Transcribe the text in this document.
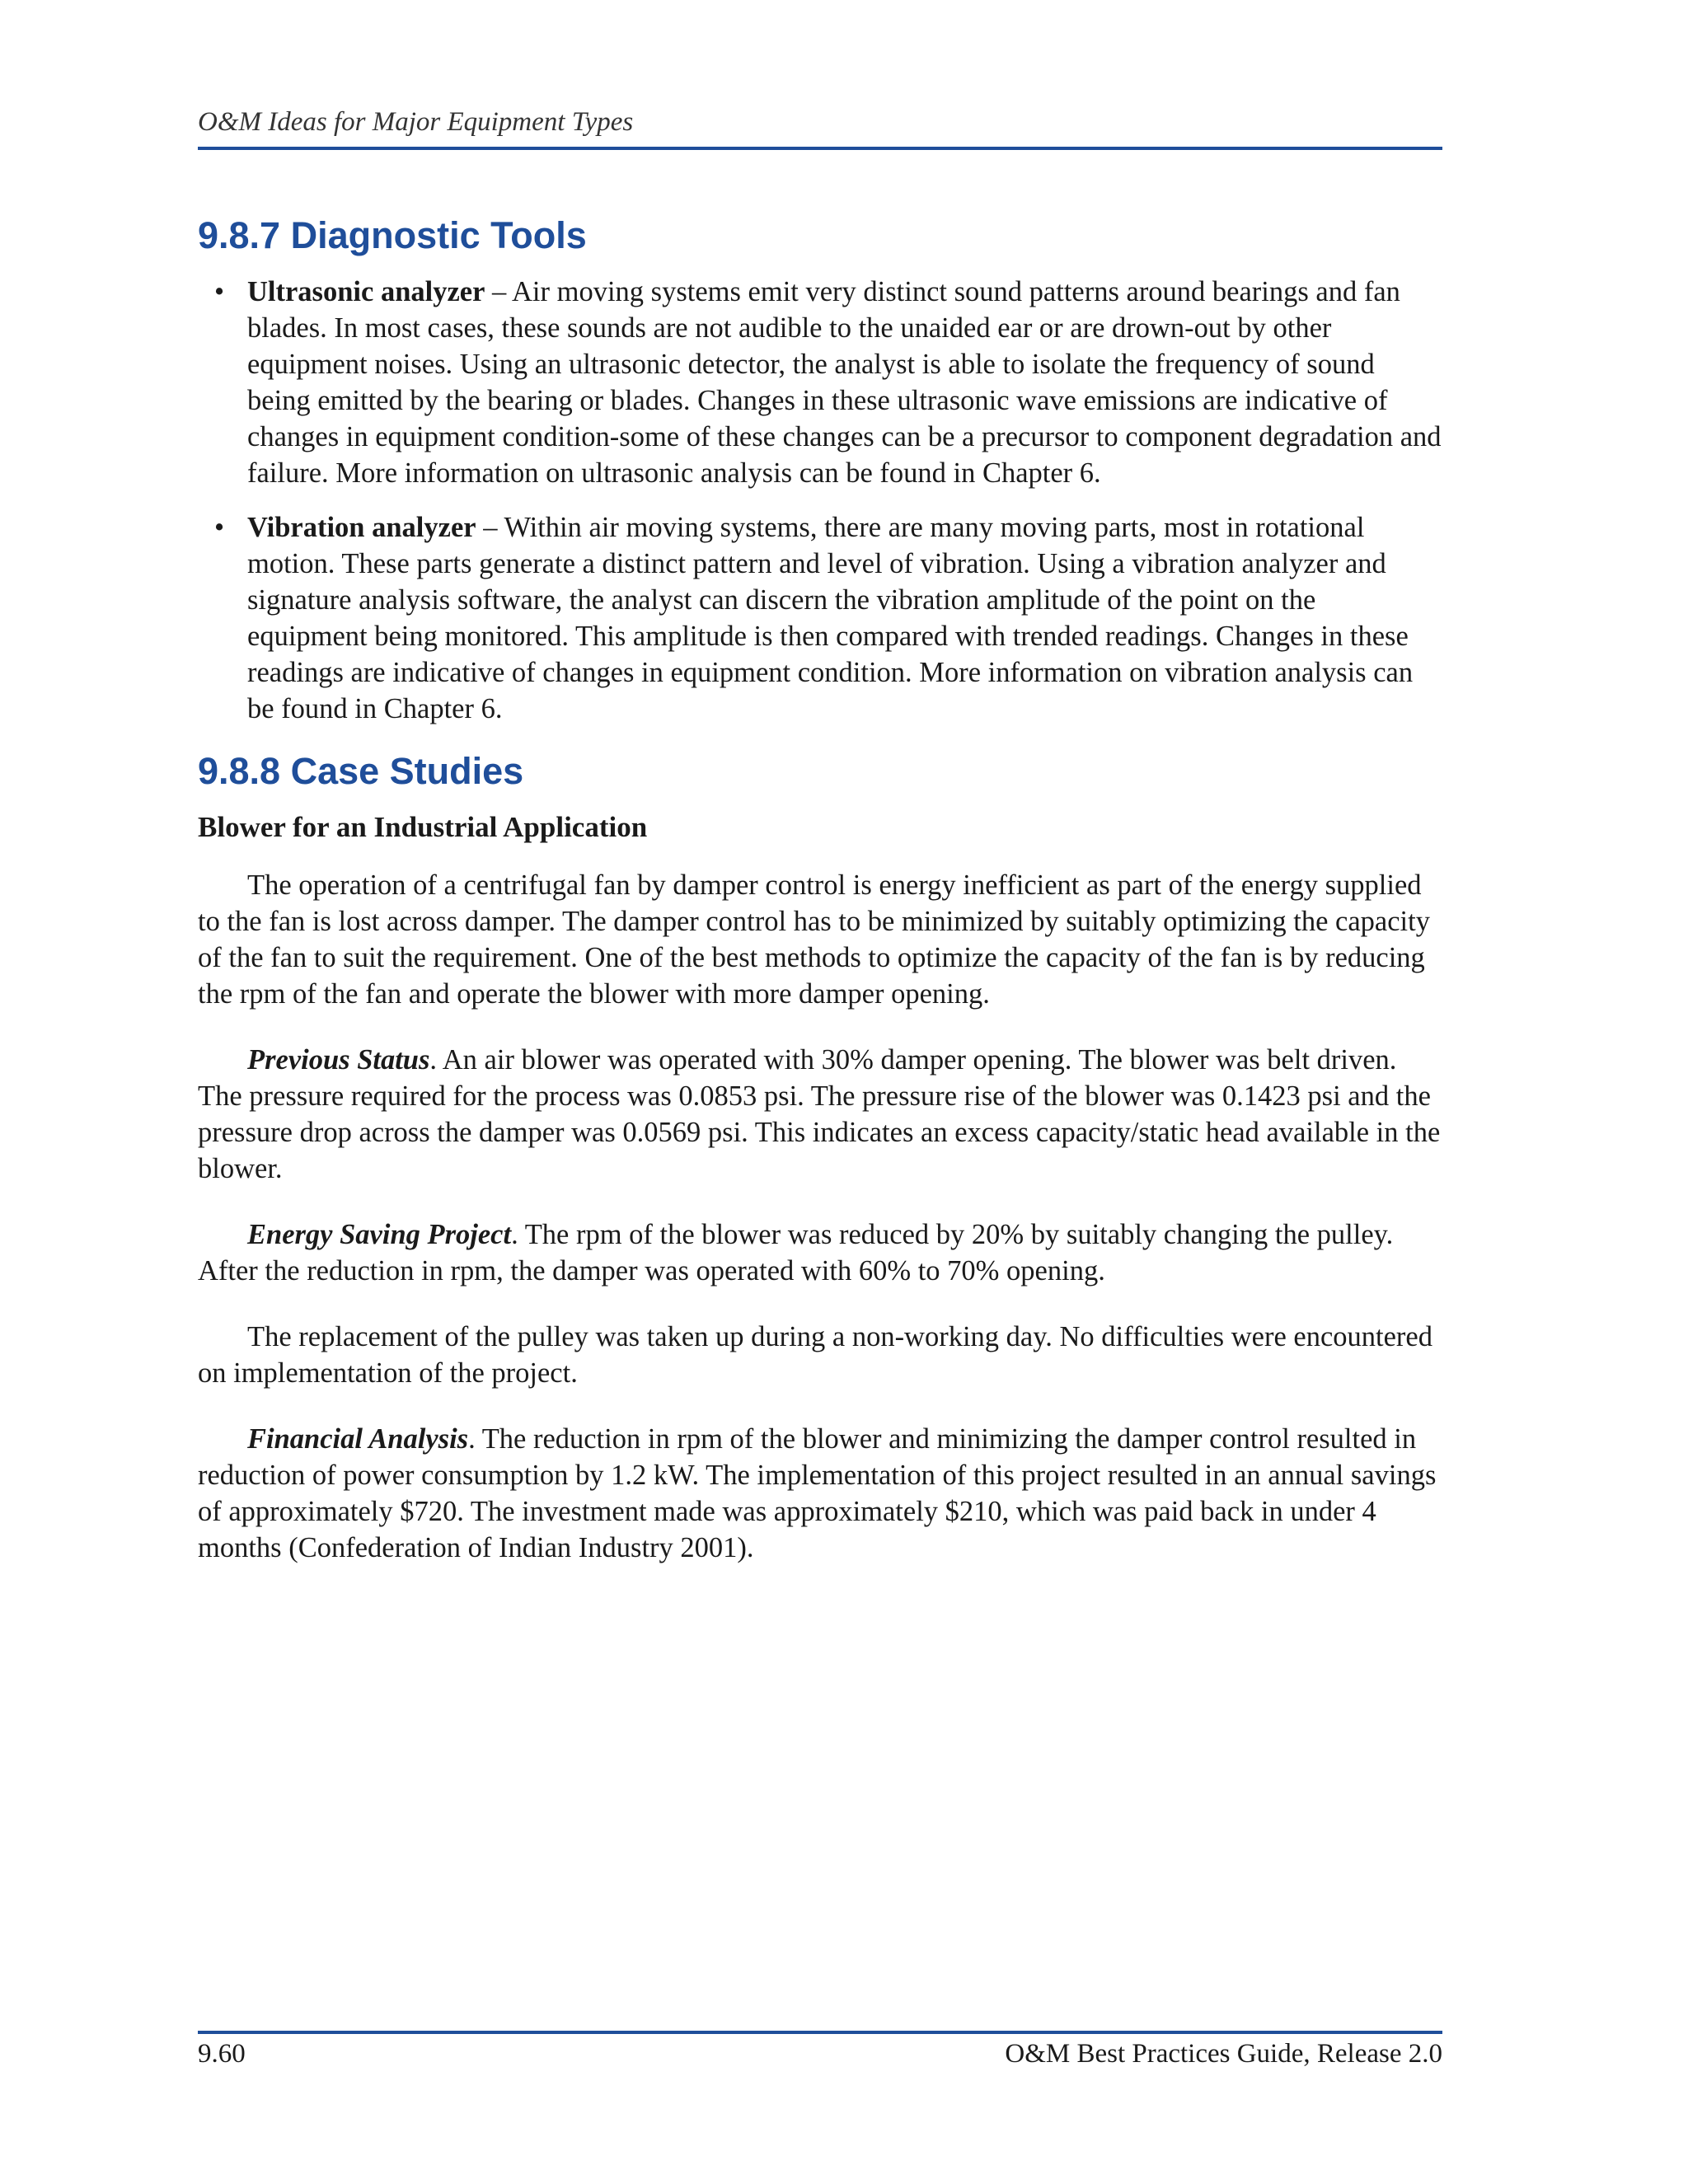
O&M Ideas for Major Equipment Types
9.8.7 Diagnostic Tools
• Ultrasonic analyzer – Air moving systems emit very distinct sound patterns around bearings and fan blades. In most cases, these sounds are not audible to the unaided ear or are drown-out by other equipment noises. Using an ultrasonic detector, the analyst is able to isolate the frequency of sound being emitted by the bearing or blades. Changes in these ultrasonic wave emissions are indicative of changes in equipment condition-some of these changes can be a precursor to component degradation and failure. More information on ultrasonic analysis can be found in Chapter 6.
• Vibration analyzer – Within air moving systems, there are many moving parts, most in rotational motion. These parts generate a distinct pattern and level of vibration. Using a vibration analyzer and signature analysis software, the analyst can discern the vibration amplitude of the point on the equipment being monitored. This amplitude is then compared with trended readings. Changes in these readings are indicative of changes in equipment condition. More information on vibration analysis can be found in Chapter 6.
9.8.8 Case Studies
Blower for an Industrial Application

The operation of a centrifugal fan by damper control is energy inefficient as part of the energy supplied to the fan is lost across damper. The damper control has to be minimized by suitably optimizing the capacity of the fan to suit the requirement. One of the best methods to optimize the capacity of the fan is by reducing the rpm of the fan and operate the blower with more damper opening.

Previous Status. An air blower was operated with 30% damper opening. The blower was belt driven. The pressure required for the process was 0.0853 psi. The pressure rise of the blower was 0.1423 psi and the pressure drop across the damper was 0.0569 psi. This indicates an excess capacity/static head available in the blower.

Energy Saving Project. The rpm of the blower was reduced by 20% by suitably changing the pulley. After the reduction in rpm, the damper was operated with 60% to 70% opening.

The replacement of the pulley was taken up during a non-working day. No difficulties were encountered on implementation of the project.

Financial Analysis. The reduction in rpm of the blower and minimizing the damper control resulted in reduction of power consumption by 1.2 kW. The implementation of this project resulted in an annual savings of approximately $720. The investment made was approximately $210, which was paid back in under 4 months (Confederation of Indian Industry 2001).

9.60	O&M Best Practices Guide, Release 2.0
